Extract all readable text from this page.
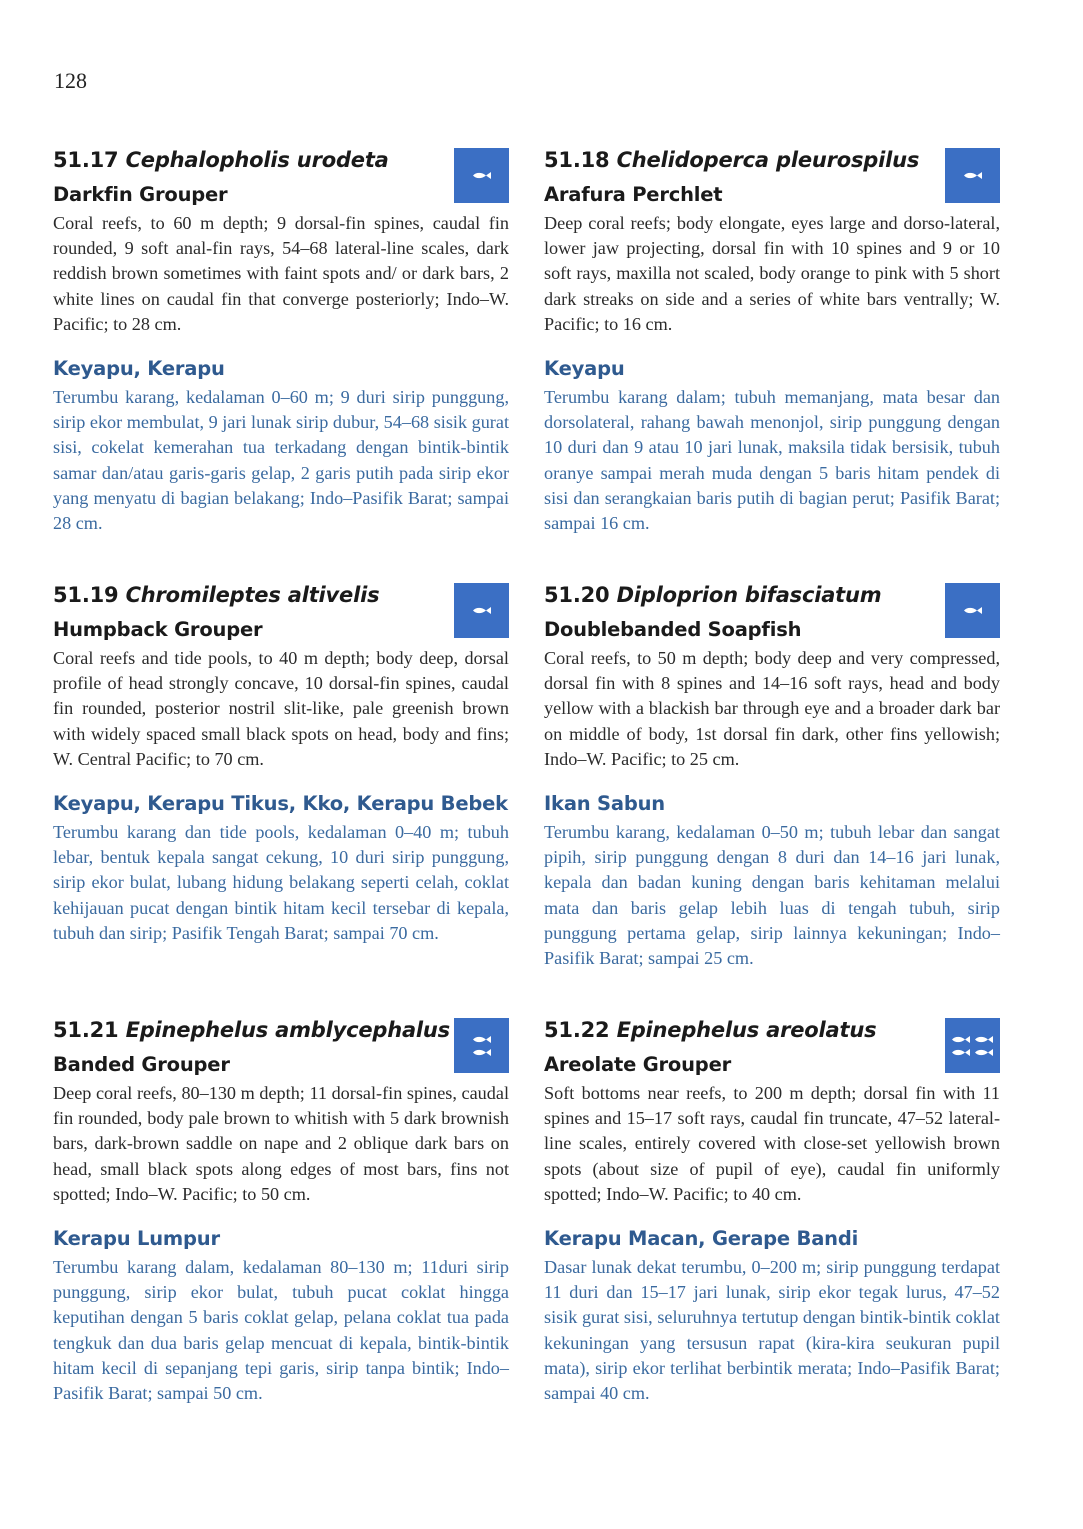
128
51.17 Cephalopholis urodeta
Darkfin Grouper

Coral reefs, to 60 m depth; 9 dorsal-fin spines, caudal fin rounded, 9 soft anal-fin rays, 54–68 lateral-line scales, dark reddish brown sometimes with faint spots and/ or dark bars, 2 white lines on caudal fin that converge posteriorly; Indo–W. Pacific; to 28 cm.

Keyapu, Kerapu

Terumbu karang, kedalaman 0–60 m; 9 duri sirip punggung, sirip ekor membulat, 9 jari lunak sirip dubur, 54–68 sisik gurat sisi, cokelat kemerahan tua terkadang dengan bintik-bintik samar dan/atau garis-garis gelap, 2 garis putih pada sirip ekor yang menyatu di bagian belakang; Indo–Pasifik Barat; sampai 28 cm.

51.18 Chelidoperca pleurospilus
Arafura Perchlet

Deep coral reefs; body elongate, eyes large and dorso-lateral, lower jaw projecting, dorsal fin with 10 spines and 9 or 10 soft rays, maxilla not scaled, body orange to pink with 5 short dark streaks on side and a series of white bars ventrally; W. Pacific; to 16 cm.

Keyapu

Terumbu karang dalam; tubuh memanjang, mata besar dan dorsolateral, rahang bawah menonjol, sirip punggung dengan 10 duri dan 9 atau 10 jari lunak, maksila tidak bersisik, tubuh oranye sampai merah muda dengan 5 baris hitam pendek di sisi dan serangkaian baris putih di bagian perut; Pasifik Barat; sampai 16 cm.

51.19 Chromileptes altivelis
Humpback Grouper

Coral reefs and tide pools, to 40 m depth; body deep, dorsal profile of head strongly concave, 10 dorsal-fin spines, caudal fin rounded, posterior nostril slit-like, pale greenish brown with widely spaced small black spots on head, body and fins; W. Central Pacific; to 70 cm.

Keyapu, Kerapu Tikus, Kko, Kerapu Bebek

Terumbu karang dan tide pools, kedalaman 0–40 m; tubuh lebar, bentuk kepala sangat cekung, 10 duri sirip punggung, sirip ekor bulat, lubang hidung belakang seperti celah, coklat kehijauan pucat dengan bintik hitam kecil tersebar di kepala, tubuh dan sirip; Pasifik Tengah Barat; sampai 70 cm.

51.20 Diploprion bifasciatum
Doublebanded Soapfish

Coral reefs, to 50 m depth; body deep and very compressed, dorsal fin with 8 spines and 14–16 soft rays, head and body yellow with a blackish bar through eye and a broader dark bar on middle of body, 1st dorsal fin dark, other fins yellowish; Indo–W. Pacific; to 25 cm.

Ikan Sabun

Terumbu karang, kedalaman 0–50 m; tubuh lebar dan sangat pipih, sirip punggung dengan 8 duri dan 14–16 jari lunak, kepala dan badan kuning dengan baris kehitaman melalui mata dan baris gelap lebih luas di tengah tubuh, sirip punggung pertama gelap, sirip lainnya kekuningan; Indo–Pasifik Barat; sampai 25 cm.

51.21 Epinephelus amblycephalus
Banded Grouper

Deep coral reefs, 80–130 m depth; 11 dorsal-fin spines, caudal fin rounded, body pale brown to whitish with 5 dark brownish bars, dark-brown saddle on nape and 2 oblique dark bars on head, small black spots along edges of most bars, fins not spotted; Indo–W. Pacific; to 50 cm.

Kerapu Lumpur

Terumbu karang dalam, kedalaman 80–130 m; 11duri sirip punggung, sirip ekor bulat, tubuh pucat coklat hingga keputihan dengan 5 baris coklat gelap, pelana coklat tua pada tengkuk dan dua baris gelap mencuat di kepala, bintik-bintik hitam kecil di sepanjang tepi garis, sirip tanpa bintik; Indo–Pasifik Barat; sampai 50 cm.

51.22 Epinephelus areolatus
Areolate Grouper

Soft bottoms near reefs, to 200 m depth; dorsal fin with 11 spines and 15–17 soft rays, caudal fin truncate, 47–52 lateral-line scales, entirely covered with close-set yellowish brown spots (about size of pupil of eye), caudal fin uniformly spotted; Indo–W. Pacific; to 40 cm.

Kerapu Macan, Gerape Bandi

Dasar lunak dekat terumbu, 0–200 m; sirip punggung terdapat 11 duri dan 15–17 jari lunak, sirip ekor tegak lurus, 47–52 sisik gurat sisi, seluruhnya tertutup dengan bintik-bintik coklat kekuningan yang tersusun rapat (kira-kira seukuran pupil mata), sirip ekor terlihat berbintik merata; Indo–Pasifik Barat; sampai 40 cm.
